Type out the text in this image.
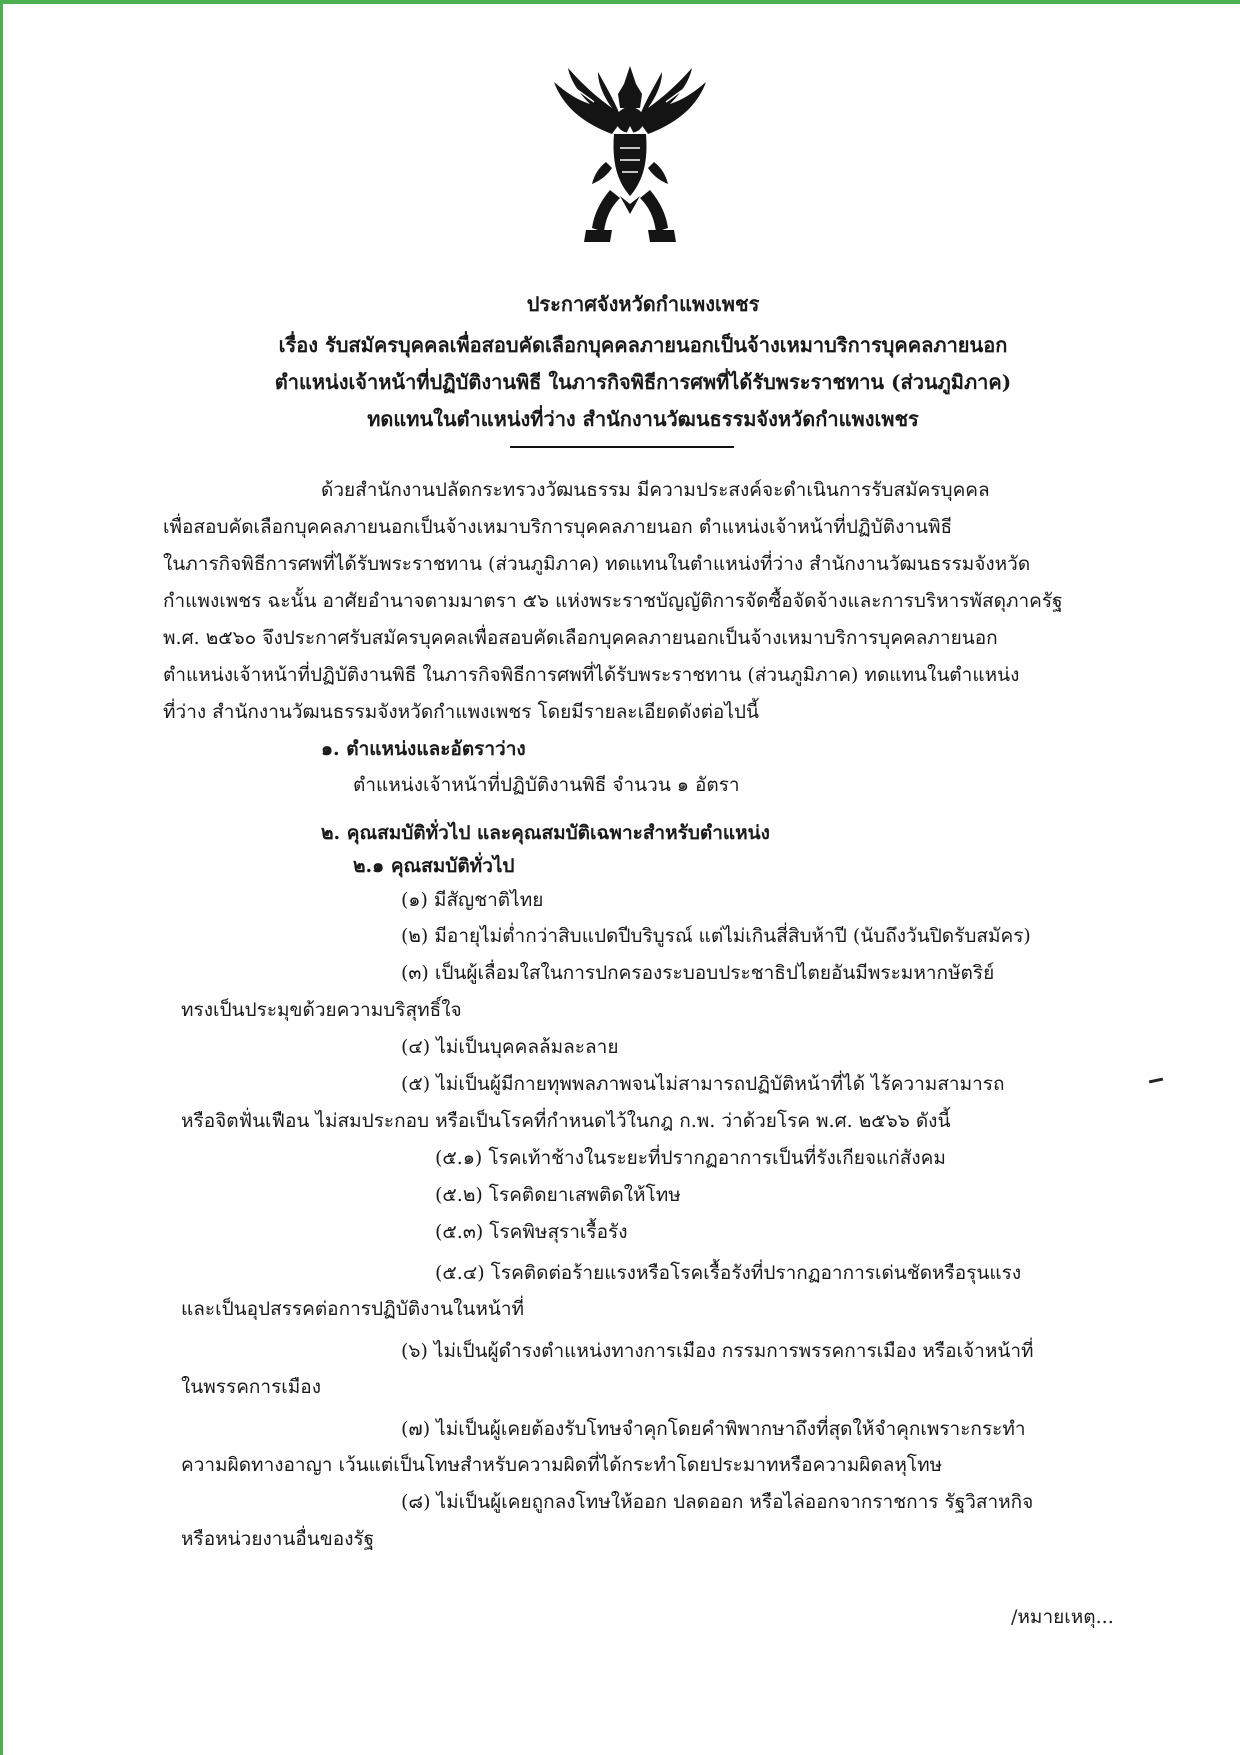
ประกาศจังหวัดกำแพงเพชร
เรื่อง รับสมัครบุคคลเพื่อสอบคัดเลือกบุคคลภายนอกเป็นจ้างเหมาบริการบุคคลภายนอก
ตำแหน่งเจ้าหน้าที่ปฏิบัติงานพิธี ในภารกิจพิธีการศพที่ได้รับพระราชทาน (ส่วนภูมิภาค)
ทดแทนในตำแหน่งที่ว่าง สำนักงานวัฒนธรรมจังหวัดกำแพงเพชร
ด้วยสำนักงานปลัดกระทรวงวัฒนธรรม มีความประสงค์จะดำเนินการรับสมัครบุคคล
เพื่อสอบคัดเลือกบุคคลภายนอกเป็นจ้างเหมาบริการบุคคลภายนอก ตำแหน่งเจ้าหน้าที่ปฏิบัติงานพิธี
ในภารกิจพิธีการศพที่ได้รับพระราชทาน (ส่วนภูมิภาค) ทดแทนในตำแหน่งที่ว่าง สำนักงานวัฒนธรรมจังหวัด
กำแพงเพชร ฉะนั้น อาศัยอำนาจตามมาตรา ๕๖ แห่งพระราชบัญญัติการจัดซื้อจัดจ้างและการบริหารพัสดุภาครัฐ
พ.ศ. ๒๕๖๐ จึงประกาศรับสมัครบุคคลเพื่อสอบคัดเลือกบุคคลภายนอกเป็นจ้างเหมาบริการบุคคลภายนอก
ตำแหน่งเจ้าหน้าที่ปฏิบัติงานพิธี ในภารกิจพิธีการศพที่ได้รับพระราชทาน (ส่วนภูมิภาค) ทดแทนในตำแหน่ง
ที่ว่าง สำนักงานวัฒนธรรมจังหวัดกำแพงเพชร โดยมีรายละเอียดดังต่อไปนี้
๑. ตำแหน่งและอัตราว่าง
ตำแหน่งเจ้าหน้าที่ปฏิบัติงานพิธี จำนวน ๑ อัตรา
๒. คุณสมบัติทั่วไป และคุณสมบัติเฉพาะสำหรับตำแหน่ง
๒.๑ คุณสมบัติทั่วไป
(๑) มีสัญชาติไทย
(๒) มีอายุไม่ต่ำกว่าสิบแปดปีบริบูรณ์ แต่ไม่เกินสี่สิบห้าปี (นับถึงวันปิดรับสมัคร)
(๓) เป็นผู้เลื่อมใสในการปกครองระบอบประชาธิปไตยอันมีพระมหากษัตริย์
ทรงเป็นประมุขด้วยความบริสุทธิ์ใจ
(๔) ไม่เป็นบุคคลล้มละลาย
(๕) ไม่เป็นผู้มีกายทุพพลภาพจนไม่สามารถปฏิบัติหน้าที่ได้ ไร้ความสามารถ
หรือจิตฟั่นเฟือน ไม่สมประกอบ หรือเป็นโรคที่กำหนดไว้ในกฎ ก.พ. ว่าด้วยโรค พ.ศ. ๒๕๖๖ ดังนี้
(๕.๑) โรคเท้าช้างในระยะที่ปรากฏอาการเป็นที่รังเกียจแก่สังคม
(๕.๒) โรคติดยาเสพติดให้โทษ
(๕.๓) โรคพิษสุราเรื้อรัง
(๕.๔) โรคติดต่อร้ายแรงหรือโรคเรื้อรังที่ปรากฏอาการเด่นชัดหรือรุนแรง
และเป็นอุปสรรคต่อการปฏิบัติงานในหน้าที่
(๖) ไม่เป็นผู้ดำรงตำแหน่งทางการเมือง กรรมการพรรคการเมือง หรือเจ้าหน้าที่
ในพรรคการเมือง
(๗) ไม่เป็นผู้เคยต้องรับโทษจำคุกโดยคำพิพากษาถึงที่สุดให้จำคุกเพราะกระทำ
ความผิดทางอาญา เว้นแต่เป็นโทษสำหรับความผิดที่ได้กระทำโดยประมาทหรือความผิดลหุโทษ
(๘) ไม่เป็นผู้เคยถูกลงโทษให้ออก ปลดออก หรือไล่ออกจากราชการ รัฐวิสาหกิจ
หรือหน่วยงานอื่นของรัฐ
/หมายเหตุ...
